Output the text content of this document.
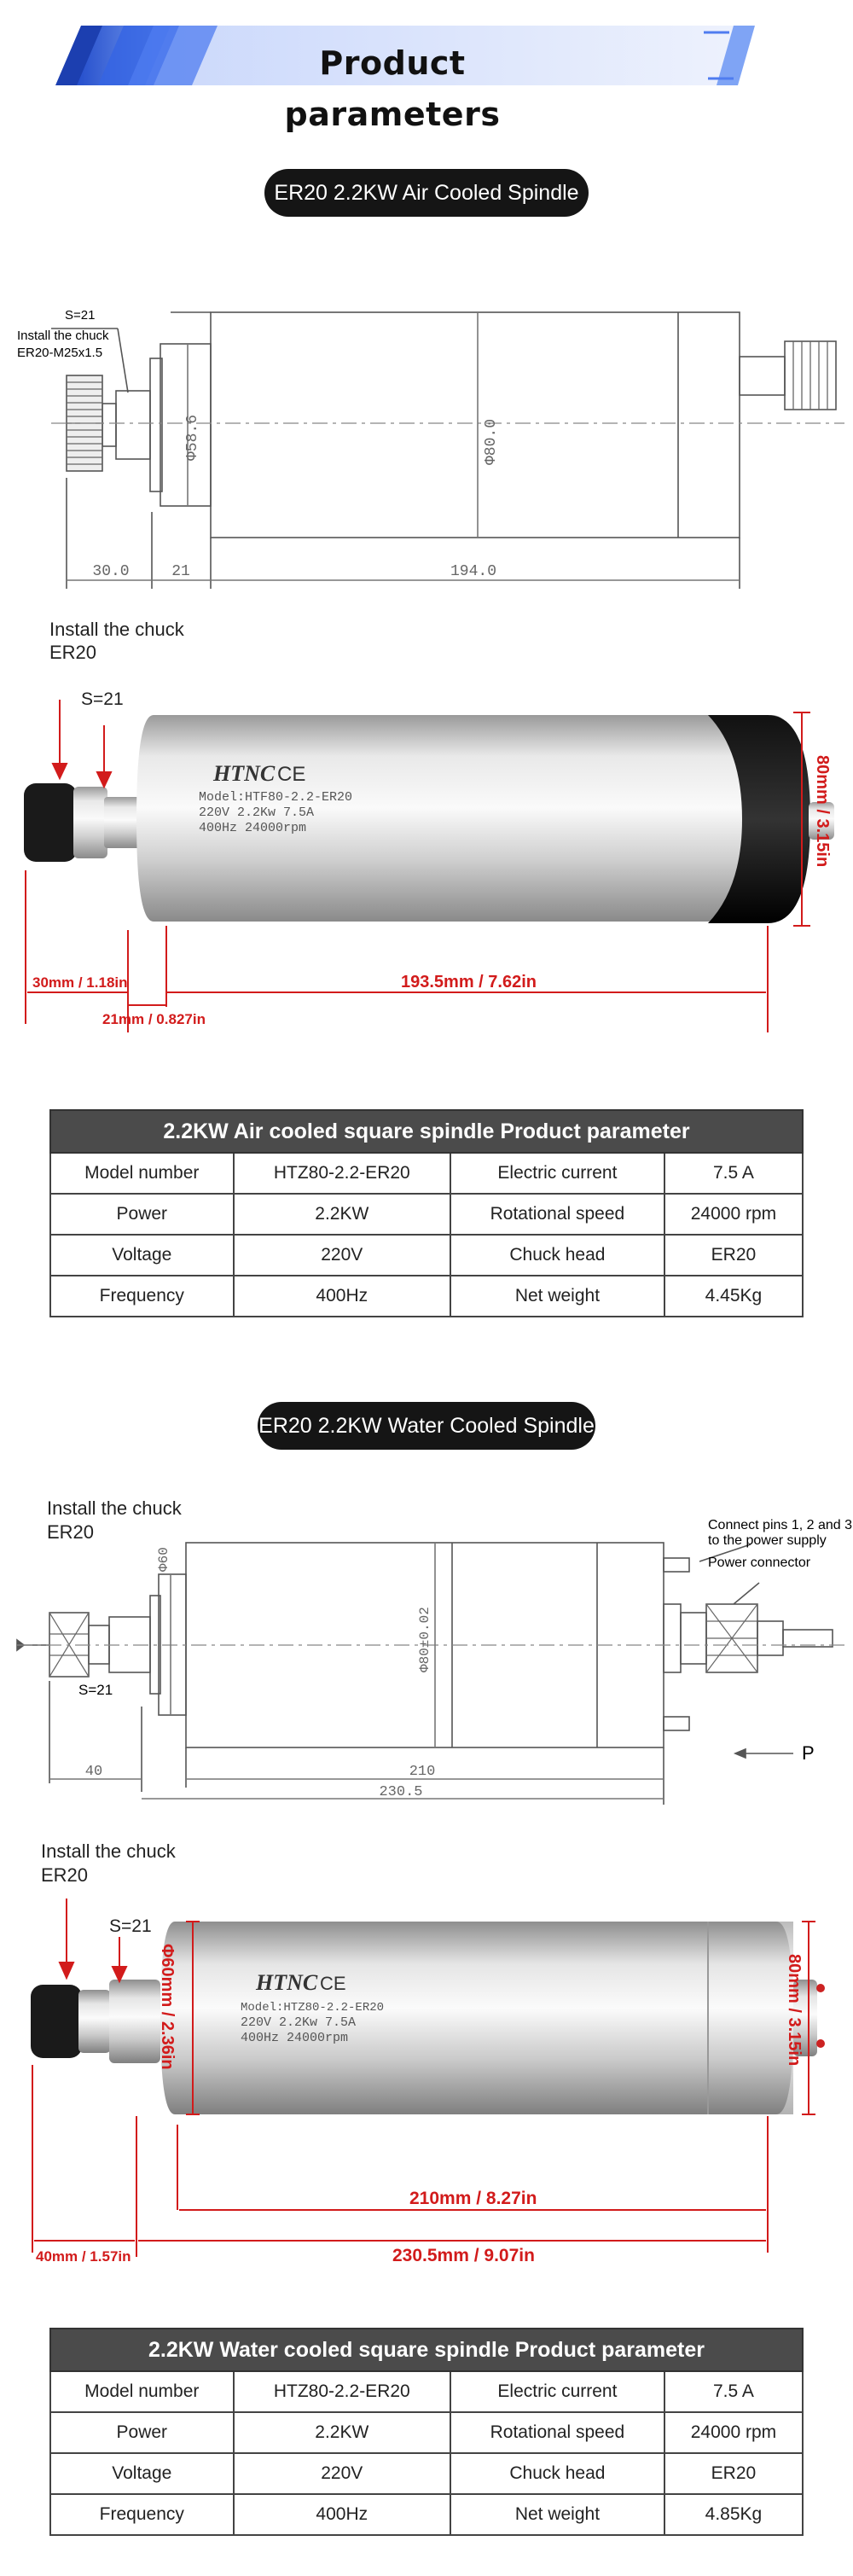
Product parameters
ER20 2.2KW Air Cooled Spindle
30.0	21	194.0
Φ58.6	Φ80.0
S=21
Install the chuck
ER20-M25x1.5
HTNC CE
Model:HTF80-2.2-ER20
220V 2.2Kw 7.5A
400Hz 24000rpm	80mm / 3.15in
30mm / 1.18in	193.5mm / 7.62in
21mm / 0.827in
Install the chuck
ER20
S=21
2.2KW Air cooled square spindle Product parameter			
Model number	HTZ80-2.2-ER20	Electric current	7.5 A
Power	2.2KW	Rotational speed	24000 rpm
Voltage	220V	Chuck head	ER20
Frequency	400Hz	Net weight	4.45Kg
ER20 2.2KW Water Cooled Spindle
40	210
230.5
Φ60
Φ80±0.02
S=21
P
Connect pins 1, 2 and 3
to the power supply
Power connector
Install the chuck
ER20
HTNC CE
Model:HTZ80-2.2-ER20
220V 2.2Kw 7.5A
400Hz 24000rpm
Φ60mm / 2.36in	80mm / 3.15in
210mm / 8.27in
40mm / 1.57in	230.5mm / 9.07in
Install the chuck
ER20
S=21
2.2KW Water cooled square spindle Product parameter			
Model number	HTZ80-2.2-ER20	Electric current	7.5 A
Power	2.2KW	Rotational speed	24000 rpm
Voltage	220V	Chuck head	ER20
Frequency	400Hz	Net weight	4.85Kg
